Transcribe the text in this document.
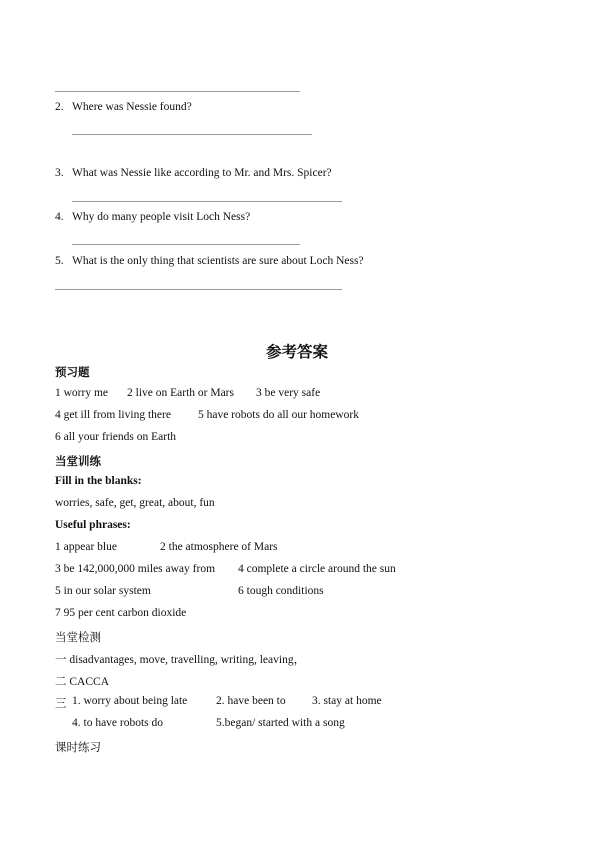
2. Where was Nessie found?
3. What was Nessie like according to Mr. and Mrs. Spicer?
4. Why do many people visit Loch Ness?
5. What is the only thing that scientists are sure about Loch Ness?
参考答案
预习题
1 worry me 2 live on Earth or Mars 3 be very safe
4 get ill from living there 5 have robots do all our homework
6 all your friends on Earth
当堂训练
Fill in the blanks:
worries, safe, get, great, about, fun
Useful phrases:
1 appear blue	2 the atmosphere of Mars
3 be 142,000,000 miles away from 4 complete a circle around the sun
5 in our solar system	6 tough conditions
7 95 per cent carbon dioxide
当堂检测
一 disadvantages, move, travelling, writing, leaving，
二 CACCA
三 1. worry about being late 2. have been to 3. stay at home
4. to have robots do	5.began/ started with a song
课时练习
